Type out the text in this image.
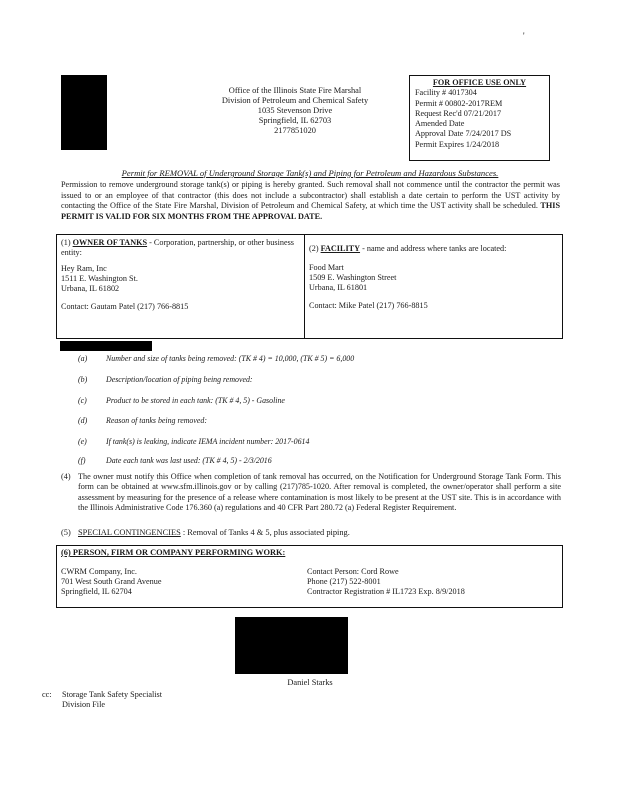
'
Office of the Illinois State Fire Marshal
Division of Petroleum and Chemical Safety
1035 Stevenson Drive
Springfield, IL 62703
2177851020
FOR OFFICE USE ONLY
Facility # 4017304
Permit # 00802-2017REM
Request Rec'd 07/21/2017
Amended Date
Approval Date 7/24/2017 DS
Permit Expires 1/24/2018
Permit for REMOVAL of Underground Storage Tank(s) and Piping for Petroleum and Hazardous Substances.
Permission to remove underground storage tank(s) or piping is hereby granted. Such removal shall not commence until the contractor the permit was issued to or an employee of that contractor (this does not include a subcontractor) shall establish a date certain to perform the UST activity by contacting the Office of the State Fire Marshal, Division of Petroleum and Chemical Safety, at which time the UST activity shall be scheduled. THIS PERMIT IS VALID FOR SIX MONTHS FROM THE APPROVAL DATE.
(1) OWNER OF TANKS - Corporation, partnership, or other business entity:
Hey Ram, Inc
1511 E. Washington St.
Urbana, IL 61802
Contact: Gautam Patel (217) 766-8815
(2) FACILITY - name and address where tanks are located:
Food Mart
1509 E. Washington Street
Urbana, IL 61801
Contact: Mike Patel (217) 766-8815
(a) Number and size of tanks being removed: (TK # 4) = 10,000, (TK # 5) = 6,000
(b) Description/location of piping being removed:
(c) Product to be stored in each tank: (TK # 4, 5) - Gasoline
(d) Reason of tanks being removed:
(e) If tank(s) is leaking, indicate IEMA incident number: 2017-0614
(f)	Date each tank was last used: (TK # 4, 5) - 2/3/2016
(4) The owner must notify this Office when completion of tank removal has occurred, on the Notification for Underground Storage Tank Form. This form can be obtained at www.sfm.illinois.gov or by calling (217)785-1020. After removal is completed, the owner/operator shall perform a site assessment by measuring for the presence of a release where contamination is most likely to be present at the UST site. This is in accordance with the Illinois Administrative Code 176.360 (a) regulations and 40 CFR Part 280.72 (a) Federal Register Requirement.
(5) SPECIAL CONTINGENCIES : Removal of Tanks 4 & 5, plus associated piping.
(6) PERSON, FIRM OR COMPANY PERFORMING WORK:
CWRM Company, Inc.
701 West South Grand Avenue
Springfield, IL 62704
Contact Person: Cord Rowe
Phone (217) 522-8001
Contractor Registration # IL1723 Exp. 8/9/2018
Daniel Starks
cc: Storage Tank Safety Specialist
Division File
